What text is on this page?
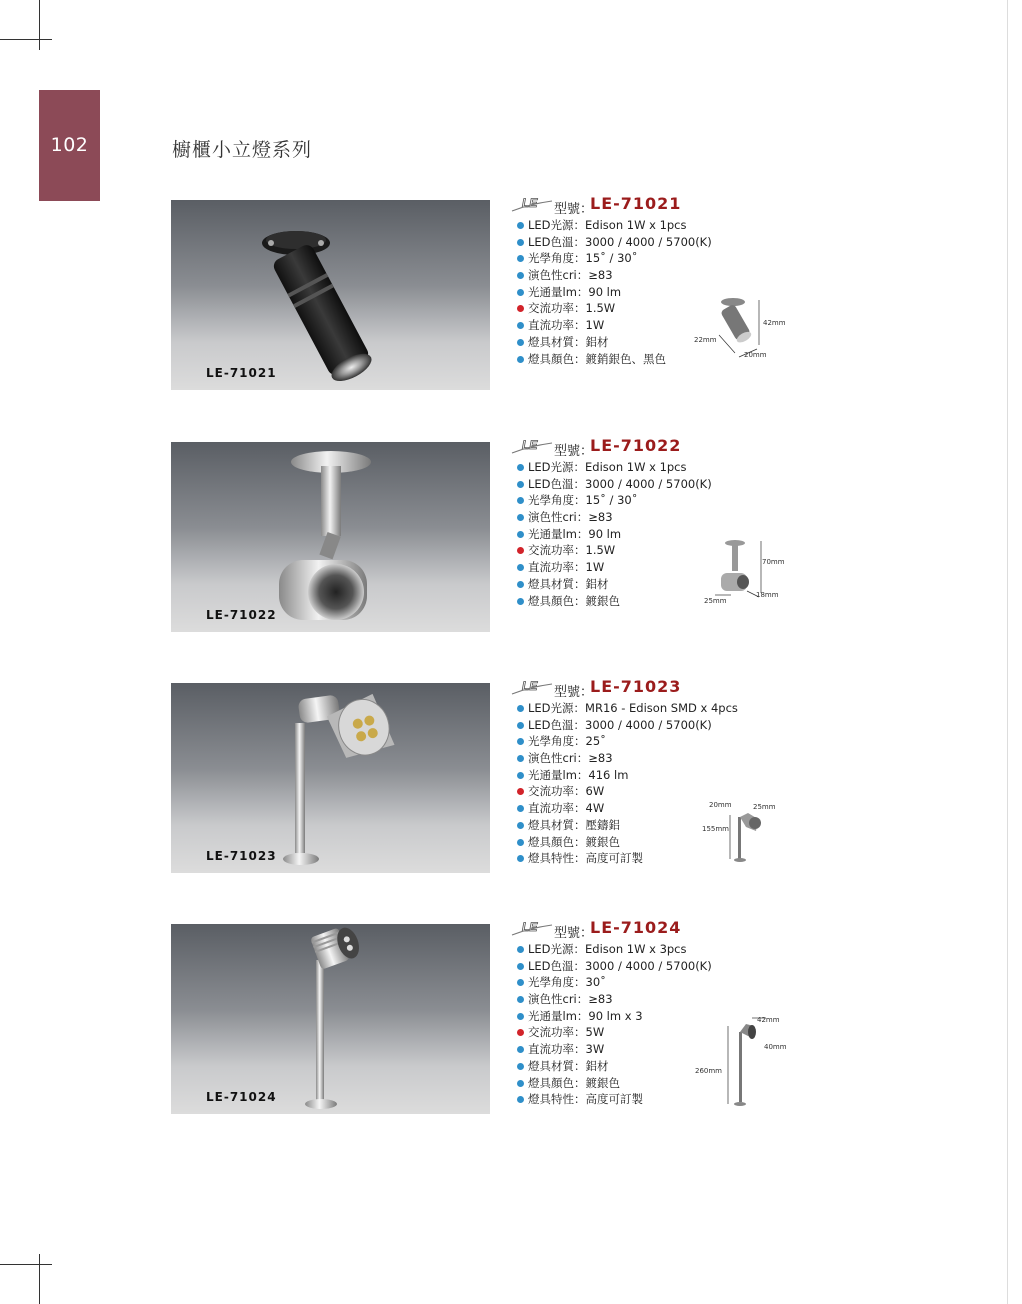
102	櫥櫃小立燈系列
LE-71021
LE 型號：
LE-71021
LED光源：Edison 1W x 1pcs
LED色溫：3000 / 4000 / 5700(K)
光學角度：15˚ / 30˚
演色性cri：≥83
光通量lm：90 lm
交流功率：1.5W
直流功率：1W
燈具材質：鋁材
燈具顏色：鍍銷銀色、黑色
42mm
22mm
20mm
LE-71022
LE 型號：
LE-71022
LED光源：Edison 1W x 1pcs
LED色溫：3000 / 4000 / 5700(K)
光學角度：15˚ / 30˚
演色性cri：≥83
光通量lm：90 lm
交流功率：1.5W
直流功率：1W
燈具材質：鋁材
燈具顏色：鍍銀色
70mm
25mm
18mm
LE-71023
LE 型號：
LE-71023
LED光源：MR16 - Edison SMD x 4pcs
LED色溫：3000 / 4000 / 5700(K)
光學角度：25˚
演色性cri：≥83
光通量lm：416 lm
交流功率：6W
直流功率：4W
燈具材質：壓鑄鋁
燈具顏色：鍍銀色
燈具特性：高度可訂製
20mm	25mm
155mm
LE-71024
LE 型號：
LE-71024
LED光源：Edison 1W x 3pcs
LED色溫：3000 / 4000 / 5700(K)
光學角度：30˚
演色性cri：≥83
光通量lm：90 lm x 3
交流功率：5W
直流功率：3W
燈具材質：鋁材
燈具顏色：鍍銀色
燈具特性：高度可訂製
42mm
40mm
260mm
